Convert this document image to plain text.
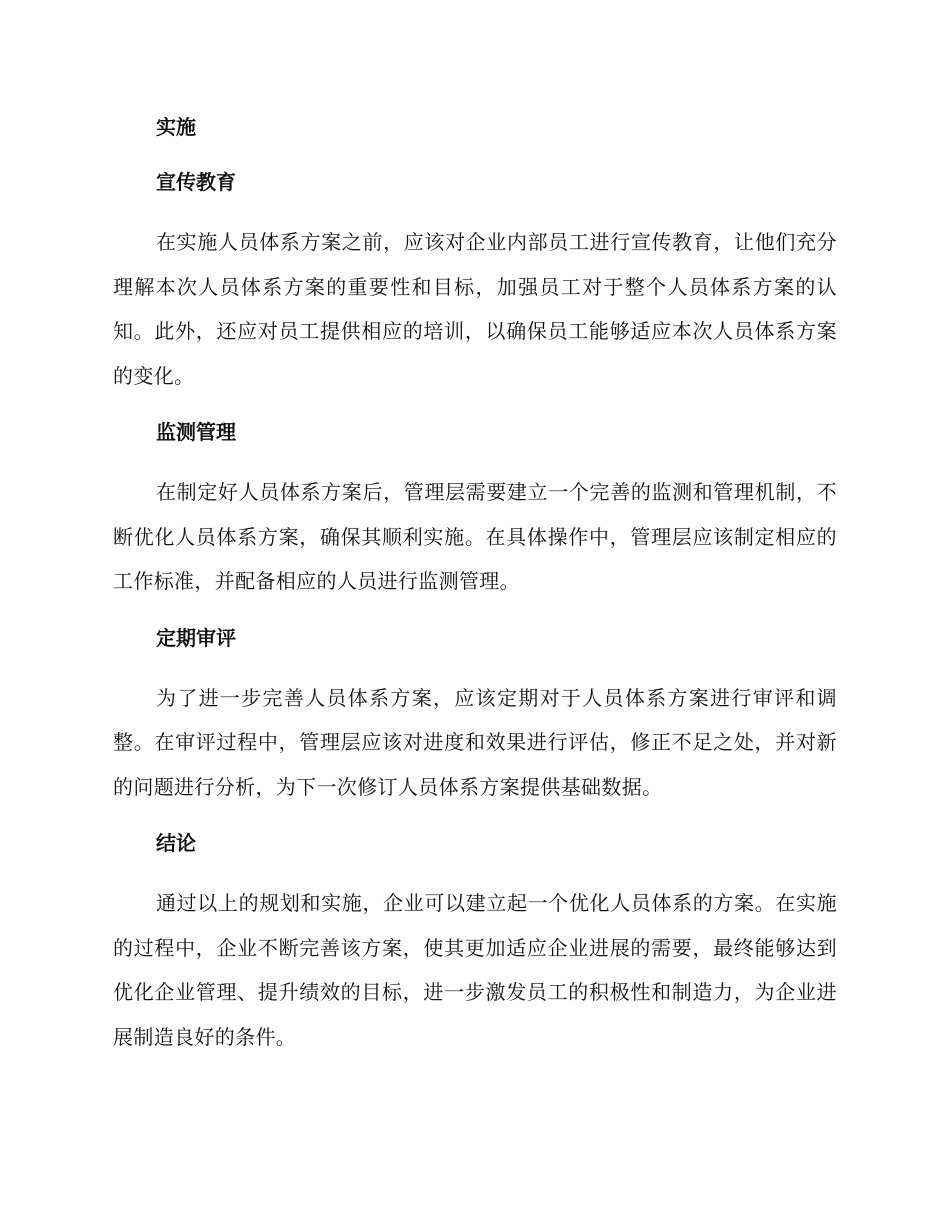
实施
宣传教育

在实施人员体系方案之前，应该对企业内部员工进行宣传教育，让他们充分理解本次人员体系方案的重要性和目标，加强员工对于整个人员体系方案的认知。此外，还应对员工提供相应的培训，以确保员工能够适应本次人员体系方案的变化。

监测管理

在制定好人员体系方案后，管理层需要建立一个完善的监测和管理机制，不断优化人员体系方案，确保其顺利实施。在具体操作中，管理层应该制定相应的工作标准，并配备相应的人员进行监测管理。

定期审评

为了进一步完善人员体系方案，应该定期对于人员体系方案进行审评和调整。在审评过程中，管理层应该对进度和效果进行评估，修正不足之处，并对新的问题进行分析，为下一次修订人员体系方案提供基础数据。

结论

通过以上的规划和实施，企业可以建立起一个优化人员体系的方案。在实施的过程中，企业不断完善该方案，使其更加适应企业进展的需要，最终能够达到优化企业管理、提升绩效的目标，进一步激发员工的积极性和制造力，为企业进展制造良好的条件。
